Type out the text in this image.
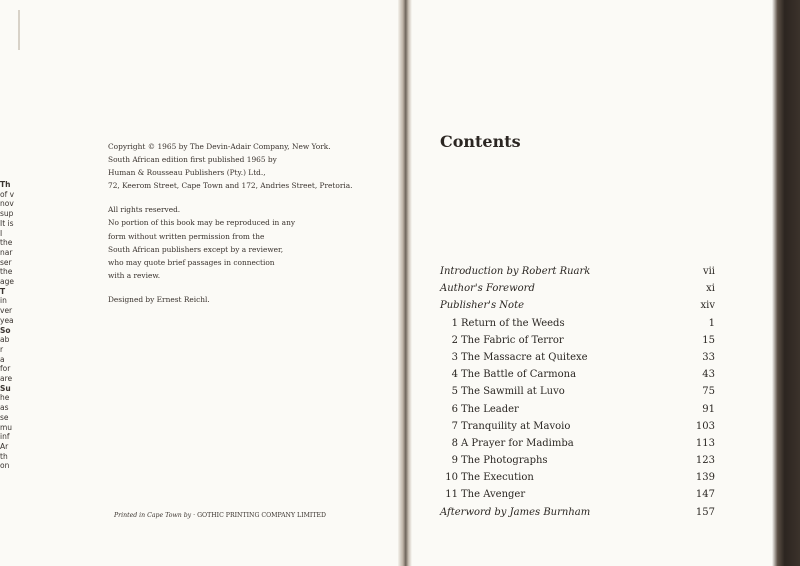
Th
of v
nov
sup
It is
I
the
nar
ser
the
age
T
in
ver
yea
So
ab
r
a
for
are
Su
he
as
se
mu
inf
Ar
th
on

Copyright © 1965 by The Devin-Adair Company, New York.

South African edition first published 1965 by

Human & Rousseau Publishers (Pty.) Ltd.,

72, Keerom Street, Cape Town and 172, Andries Street, Pretoria.

All rights reserved.

No portion of this book may be reproduced in any

form without written permission from the

South African publishers except by a reviewer,

who may quote brief passages in connection

with a review.

Designed by Ernest Reichl.

Printed in Cape Town by · GOTHIC PRINTING COMPANY LIMITED
Contents
Introduction by Robert Ruark	vii
Author's Foreword	xi
Publisher's Note	xiv
1 Return of the Weeds	1
2 The Fabric of Terror	15
3 The Massacre at Quitexe	33
4 The Battle of Carmona	43
5 The Sawmill at Luvo	75
6 The Leader	91
7 Tranquility at Mavoio	103
8 A Prayer for Madimba	113
9 The Photographs	123
10 The Execution	139
11 The Avenger	147
Afterword by James Burnham	157
